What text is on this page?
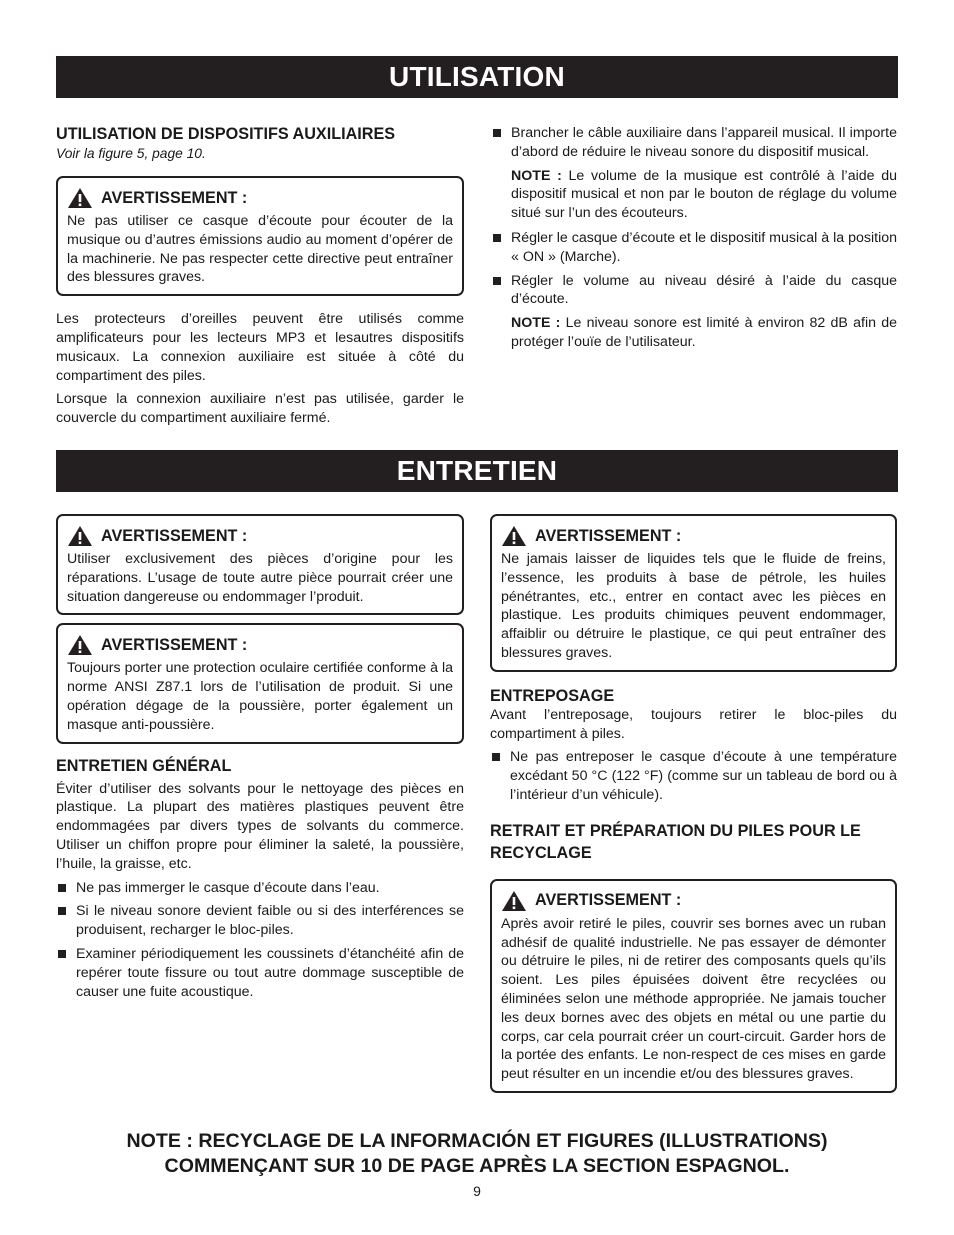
UTILISATION
UTILISATION DE DISPOSITIFS AUXILIAIRES
Voir la figure 5, page 10.
AVERTISSEMENT :

Ne pas utiliser ce casque d’écoute pour écouter de la musique ou d’autres émissions audio au moment d’opérer de la machinerie. Ne pas respecter cette directive peut entraîner des blessures graves.

Les protecteurs d’oreilles peuvent être utilisés comme amplificateurs pour les lecteurs MP3 et lesautres dispositifs musicaux. La connexion auxiliaire est située à côté du compartiment des piles.

Lorsque la connexion auxiliaire n’est pas utilisée, garder le couvercle du compartiment auxiliaire fermé.

Brancher le câble auxiliaire dans l’appareil musical. Il importe d’abord de réduire le niveau sonore du dispositif musical.
NOTE : Le volume de la musique est contrôlé à l’aide du dispositif musical et non par le bouton de réglage du volume situé sur l’un des écouteurs.
Régler le casque d’écoute et le dispositif musical à la position « ON » (Marche).
Régler le volume au niveau désiré à l’aide du casque d’écoute.
NOTE : Le niveau sonore est limité à environ 82 dB afin de protéger l’ouïe de l’utilisateur.
ENTRETIEN
AVERTISSEMENT :

Utiliser exclusivement des pièces d’origine pour les réparations. L’usage de toute autre pièce pourrait créer une situation dangereuse ou endommager l’produit.

AVERTISSEMENT :

Toujours porter une protection oculaire certifiée conforme à la norme ANSI Z87.1 lors de l’utilisation de produit. Si une opération dégage de la poussière, porter également un masque anti-poussière.

ENTRETIEN GÉNÉRAL

Éviter d’utiliser des solvants pour le nettoyage des pièces en plastique. La plupart des matières plastiques peuvent être endommagées par divers types de solvants du commerce. Utiliser un chiffon propre pour éliminer la saleté, la poussière, l’huile, la graisse, etc.

Ne pas immerger le casque d’écoute dans l’eau.
Si le niveau sonore devient faible ou si des interférences se produisent, recharger le bloc-piles.
Examiner périodiquement les coussinets d’étanchéité afin de repérer toute fissure ou tout autre dommage susceptible de causer une fuite acoustique.
AVERTISSEMENT :

Ne jamais laisser de liquides tels que le fluide de freins, l’essence, les produits à base de pétrole, les huiles pénétrantes, etc., entrer en contact avec les pièces en plastique. Les produits chimiques peuvent endommager, affaiblir ou détruire le plastique, ce qui peut entraîner des blessures graves.

ENTREPOSAGE

Avant l’entreposage, toujours retirer le bloc-piles du compartiment à piles.

Ne pas entreposer le casque d’écoute à une température excédant 50 °C (122 °F) (comme sur un tableau de bord ou à l’intérieur d’un véhicule).
RETRAIT ET PRÉPARATION DU PILES POUR LE RECYCLAGE
AVERTISSEMENT :

Après avoir retiré le piles, couvrir ses bornes avec un ruban adhésif de qualité industrielle. Ne pas essayer de démonter ou détruire le piles, ni de retirer des composants quels qu’ils soient. Les piles épuisées doivent être recyclées ou éliminées selon une méthode appropriée. Ne jamais toucher les deux bornes avec des objets en métal ou une partie du corps, car cela pourrait créer un court-circuit. Garder hors de la portée des enfants. Le non-respect de ces mises en garde peut résulter en un incendie et/ou des blessures graves.

NOTE : RECYCLAGE DE LA INFORMACIÓN ET FIGURES (ILLUSTRATIONS)
COMMENÇANT SUR 10 DE PAGE APRÈS LA SECTION ESPAGNOL.
9
